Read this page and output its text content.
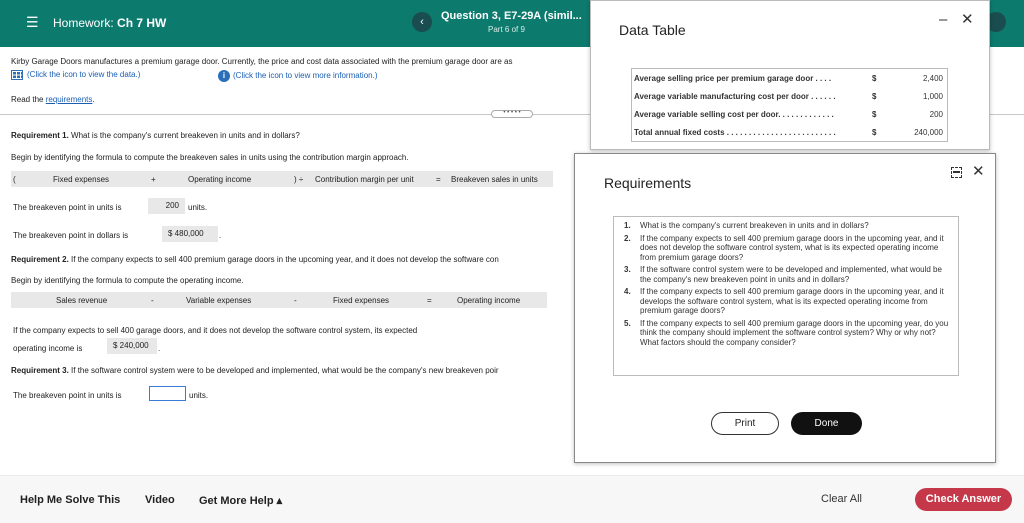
☰ Homework: Ch 7 HW	‹	Question 3, E7-29A (simil...
Part 6 of 9
Kirby Garage Doors manufactures a premium garage door. Currently, the price and cost data associated with the premium garage door are as
(Click the icon to view the data.)	i (Click the icon to view more information.)
Read the requirements.
• • • • •
Requirement 1. What is the company's current breakeven in units and in dollars?
Begin by identifying the formula to compute the breakeven sales in units using the contribution margin approach.
(	Fixed expenses	+	Operating income	) ÷ Contribution margin per unit	= Breakeven sales in units
The breakeven point in units is	200	units.
The breakeven point in dollars is	$ 480,000	.
Requirement 2. If the company expects to sell 400 premium garage doors in the upcoming year, and it does not develop the software con
Begin by identifying the formula to compute the operating income.
Sales revenue	-	Variable expenses	-	Fixed expenses	=	Operating income
If the company expects to sell 400 garage doors, and it does not develop the software control system, its expected
operating income is	$ 240,000	.
Requirement 3. If the software control system were to be developed and implemented, what would be the company's new breakeven poir
The breakeven point in units is	units.
Help Me Solve This Video Get More Help ▴	Clear All	Check Answer
Data Table
– ✕
Average selling price per premium garage door . . . .	$	2,400
Average variable manufacturing cost per door . . . . . .	$	1,000
Average variable selling cost per door. . . . . . . . . . . . .	$	200
Total annual fixed costs . . . . . . . . . . . . . . . . . . . . . . . . .	$	240,000
Requirements
✕
1. What is the company's current breakeven in units and in dollars?
2. If the company expects to sell 400 premium garage doors in the upcoming year, and it does not develop the software control system, what is its expected operating income from premium garage doors?
3. If the software control system were to be developed and implemented, what would be the company's new breakeven point in units and in dollars?
4. If the company expects to sell 400 premium garage doors in the upcoming year, and it develops the software control system, what is its expected operating income from premium garage doors?
5. If the company expects to sell 400 premium garage doors in the upcoming year, do you think the company should implement the software control system? Why or why not? What factors should the company consider?
Print	Done
